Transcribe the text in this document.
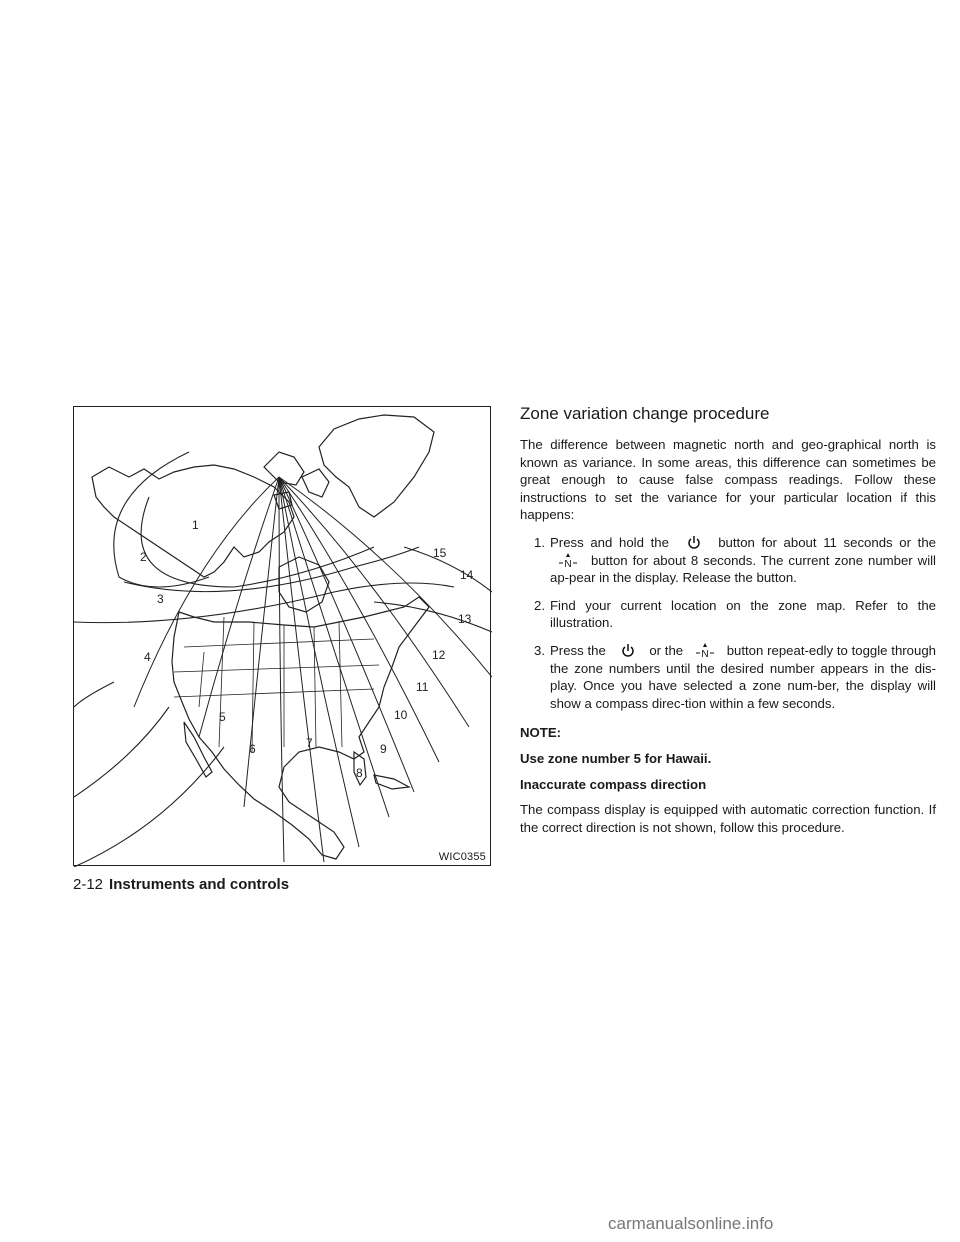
1
2
3
4
5
6	7
8
9
10
11
12
13
14
15
WIC0355
2-12 Instruments and controls
Zone variation change procedure

The difference between magnetic north and geo-graphical north is known as variance. In some areas, this difference can sometimes be great enough to cause false compass readings. Follow these instructions to set the variance for your particular location if this happens:

1. Press and hold the	button for about 11 seconds or the
N button for about 8 seconds. The current zone number will ap-pear in the display. Release the button.
2. Find your current location on the zone map. Refer to the illustration.
3. Press the	or the N button repeat-edly to toggle through the zone numbers until the desired number appears in the dis-play. Once you have selected a zone num-ber, the display will show a compass direc-tion within a few seconds.
NOTE:
Use zone number 5 for Hawaii.
Inaccurate compass direction

The compass display is equipped with automatic correction function. If the correct direction is not shown, follow this procedure.

carmanualsonline.info
